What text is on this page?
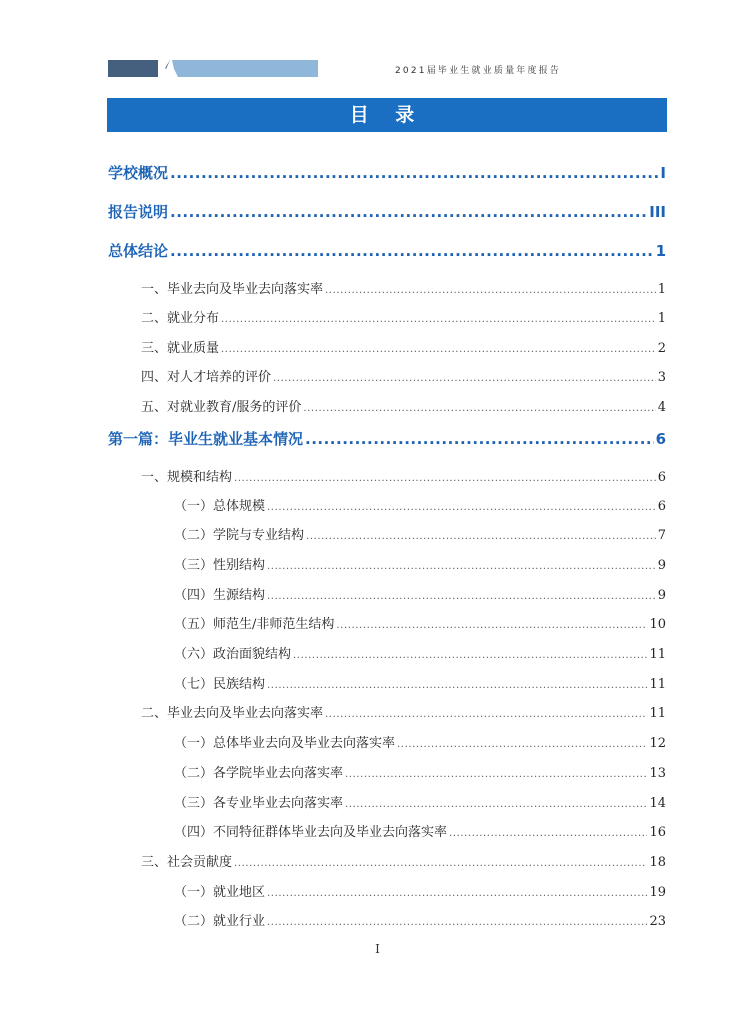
2021届毕业生就业质量年度报告
目 录
学校概况 .....	I
报告说明 .....	III
总体结论 .....	1
一、毕业去向及毕业去向落实率 .....	1
二、就业分布 .....	1
三、就业质量 .....	2
四、对人才培养的评价 .....	3
五、对就业教育/服务的评价 .....	4
第一篇：毕业生就业基本情况 .....	6
一、规模和结构 .....	6
（一）总体规模 .....	6
（二）学院与专业结构 .....	7
（三）性别结构 .....	9
（四）生源结构 .....	9
（五）师范生/非师范生结构 .....	10
（六）政治面貌结构 .....	11
（七）民族结构 .....	11
二、毕业去向及毕业去向落实率 .....	11
（一）总体毕业去向及毕业去向落实率 .....	12
（二）各学院毕业去向落实率 .....	13
（三）各专业毕业去向落实率 .....	14
（四）不同特征群体毕业去向及毕业去向落实率 .....	16
三、社会贡献度 .....	18
（一）就业地区 .....	19
（二）就业行业 .....	23
I
